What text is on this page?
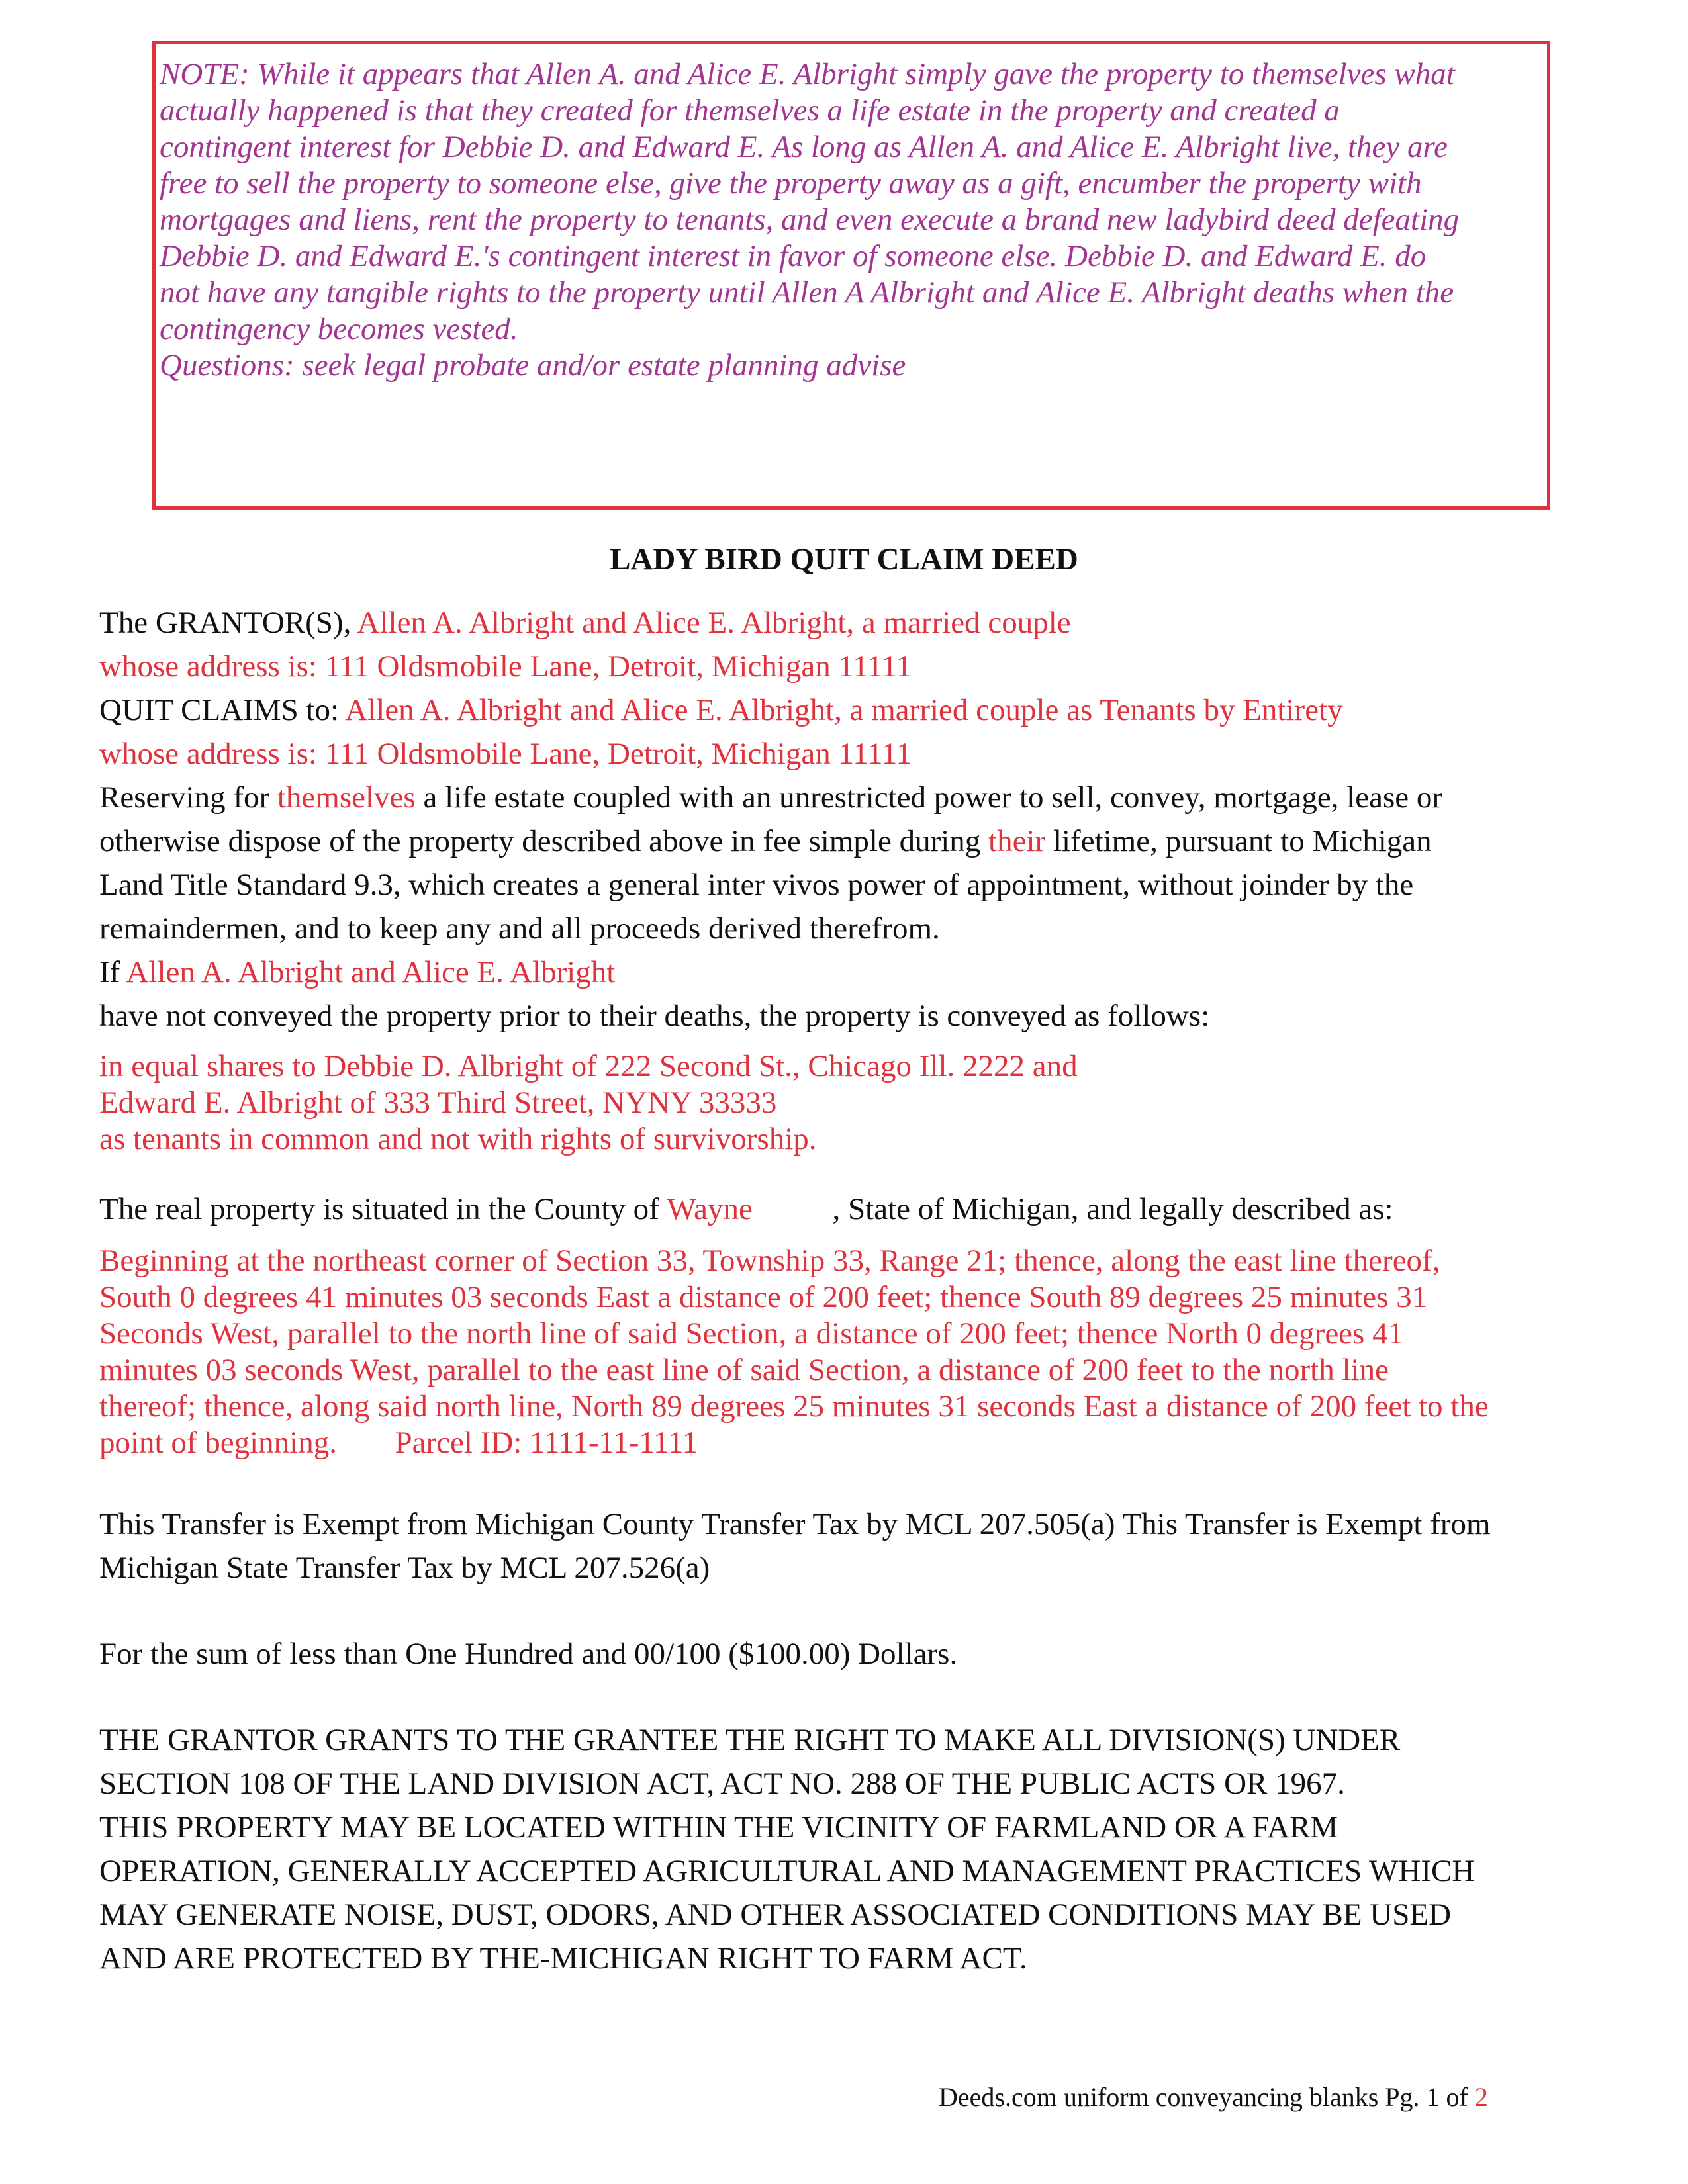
NOTE: While it appears that Allen A. and Alice E. Albright simply gave the property to themselves what

actually happened is that they created for themselves a life estate in the property and created a

contingent interest for Debbie D. and Edward E. As long as Allen A. and Alice E. Albright live, they are

free to sell the property to someone else, give the property away as a gift, encumber the property with

mortgages and liens, rent the property to tenants, and even execute a brand new ladybird deed defeating

Debbie D. and Edward E.'s contingent interest in favor of someone else. Debbie D. and Edward E. do

not have any tangible rights to the property until Allen A Albright and Alice E. Albright deaths when the

contingency becomes vested.

Questions: seek legal probate and/or estate planning advise

LADY BIRD QUIT CLAIM DEED
The GRANTOR(S), Allen A. Albright and Alice E. Albright, a married couple
whose address is: 111 Oldsmobile Lane, Detroit, Michigan 11111
QUIT CLAIMS to: Allen A. Albright and Alice E. Albright, a married couple as Tenants by Entirety
whose address is: 111 Oldsmobile Lane, Detroit, Michigan 11111
Reserving for themselves a life estate coupled with an unrestricted power to sell, convey, mortgage, lease or
otherwise dispose of the property described above in fee simple during their lifetime, pursuant to Michigan
Land Title Standard 9.3, which creates a general inter vivos power of appointment, without joinder by the
remaindermen, and to keep any and all proceeds derived therefrom.
If Allen A. Albright and Alice E. Albright
have not conveyed the property prior to their deaths, the property is conveyed as follows:
in equal shares to Debbie D. Albright of 222 Second St., Chicago Ill. 2222 and
Edward E. Albright of 333 Third Street, NYNY 33333
as tenants in common and not with rights of survivorship.
The real property is situated in the County of Wayne	, State of Michigan, and legally described as:
Beginning at the northeast corner of Section 33, Township 33, Range 21; thence, along the east line thereof,
South 0 degrees 41 minutes 03 seconds East a distance of 200 feet; thence South 89 degrees 25 minutes 31
Seconds West, parallel to the north line of said Section, a distance of 200 feet; thence North 0 degrees 41
minutes 03 seconds West, parallel to the east line of said Section, a distance of 200 feet to the north line
thereof; thence, along said north line, North 89 degrees 25 minutes 31 seconds East a distance of 200 feet to the
point of beginning. Parcel ID: 1111-11-1111
This Transfer is Exempt from Michigan County Transfer Tax by MCL 207.505(a) This Transfer is Exempt from
Michigan State Transfer Tax by MCL 207.526(a)
For the sum of less than One Hundred and 00/100 ($100.00) Dollars.
THE GRANTOR GRANTS TO THE GRANTEE THE RIGHT TO MAKE ALL DIVISION(S) UNDER
SECTION 108 OF THE LAND DIVISION ACT, ACT NO. 288 OF THE PUBLIC ACTS OR 1967.
THIS PROPERTY MAY BE LOCATED WITHIN THE VICINITY OF FARMLAND OR A FARM
OPERATION, GENERALLY ACCEPTED AGRICULTURAL AND MANAGEMENT PRACTICES WHICH
MAY GENERATE NOISE, DUST, ODORS, AND OTHER ASSOCIATED CONDITIONS MAY BE USED
AND ARE PROTECTED BY THE-MICHIGAN RIGHT TO FARM ACT.
Deeds.com uniform conveyancing blanks Pg. 1 of 2
